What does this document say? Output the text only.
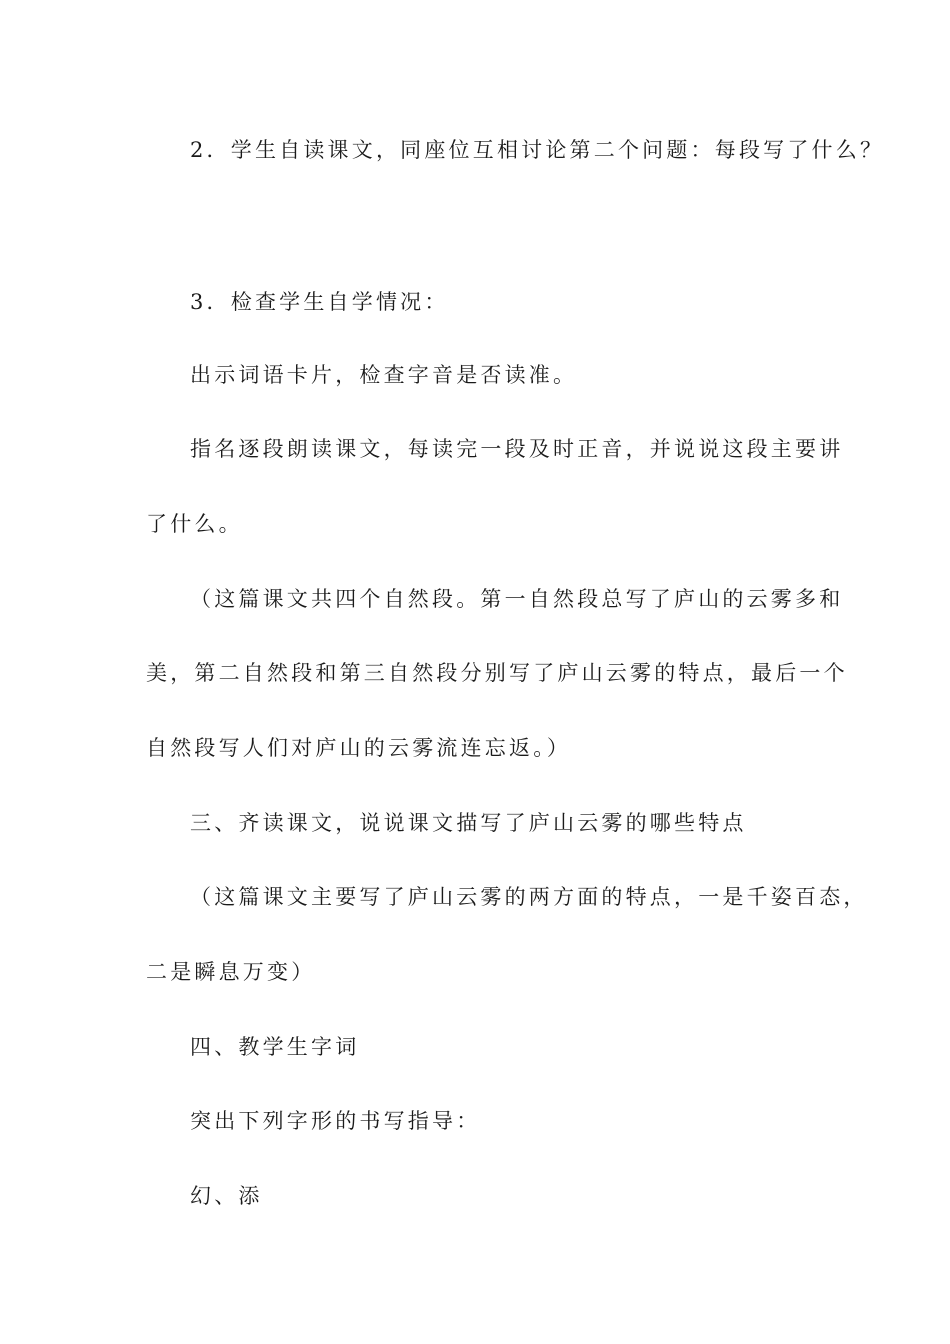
2．学生自读课文，同座位互相讨论第二个问题：每段写了什么？
3．检查学生自学情况：
出示词语卡片，检查字音是否读准。
指名逐段朗读课文，每读完一段及时正音，并说说这段主要讲
了什么。
（这篇课文共四个自然段。第一自然段总写了庐山的云雾多和
美，第二自然段和第三自然段分别写了庐山云雾的特点，最后一个
自然段写人们对庐山的云雾流连忘返。）
三、齐读课文，说说课文描写了庐山云雾的哪些特点
（这篇课文主要写了庐山云雾的两方面的特点，一是千姿百态，
二是瞬息万变）
四、教学生字词
突出下列字形的书写指导：
幻、添
